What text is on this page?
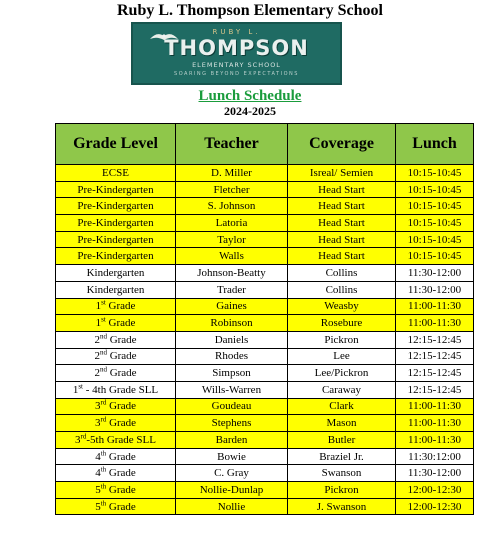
Ruby L. Thompson Elementary School
RUBY L.
THOMPSON
ELEMENTARY SCHOOL
SOARING BEYOND EXPECTATIONS
Lunch Schedule
2024-2025
Grade Level	Teacher	Coverage	Lunch
ECSE	D. Miller	Isreal/ Semien	10:15-10:45
Pre-Kindergarten	Fletcher	Head Start	10:15-10:45
Pre-Kindergarten	S. Johnson	Head Start	10:15-10:45
Pre-Kindergarten	Latoria	Head Start	10:15-10:45
Pre-Kindergarten	Taylor	Head Start	10:15-10:45
Pre-Kindergarten	Walls	Head Start	10:15-10:45
Kindergarten	Johnson-Beatty	Collins	11:30-12:00
Kindergarten	Trader	Collins	11:30-12:00
1st Grade	Gaines	Weasby	11:00-11:30
1st Grade	Robinson	Rosebure	11:00-11:30
2nd Grade	Daniels	Pickron	12:15-12:45
2nd Grade	Rhodes	Lee	12:15-12:45
2nd Grade	Simpson	Lee/Pickron	12:15-12:45
1st - 4th Grade SLL	Wills-Warren	Caraway	12:15-12:45
3rd Grade	Goudeau	Clark	11:00-11:30
3rd Grade	Stephens	Mason	11:00-11:30
3rd-5th Grade SLL	Barden	Butler	11:00-11:30
4th Grade	Bowie	Braziel Jr.	11:30:12:00
4th Grade	C. Gray	Swanson	11:30-12:00
5th Grade	Nollie-Dunlap	Pickron	12:00-12:30
5th Grade	Nollie	J. Swanson	12:00-12:30
